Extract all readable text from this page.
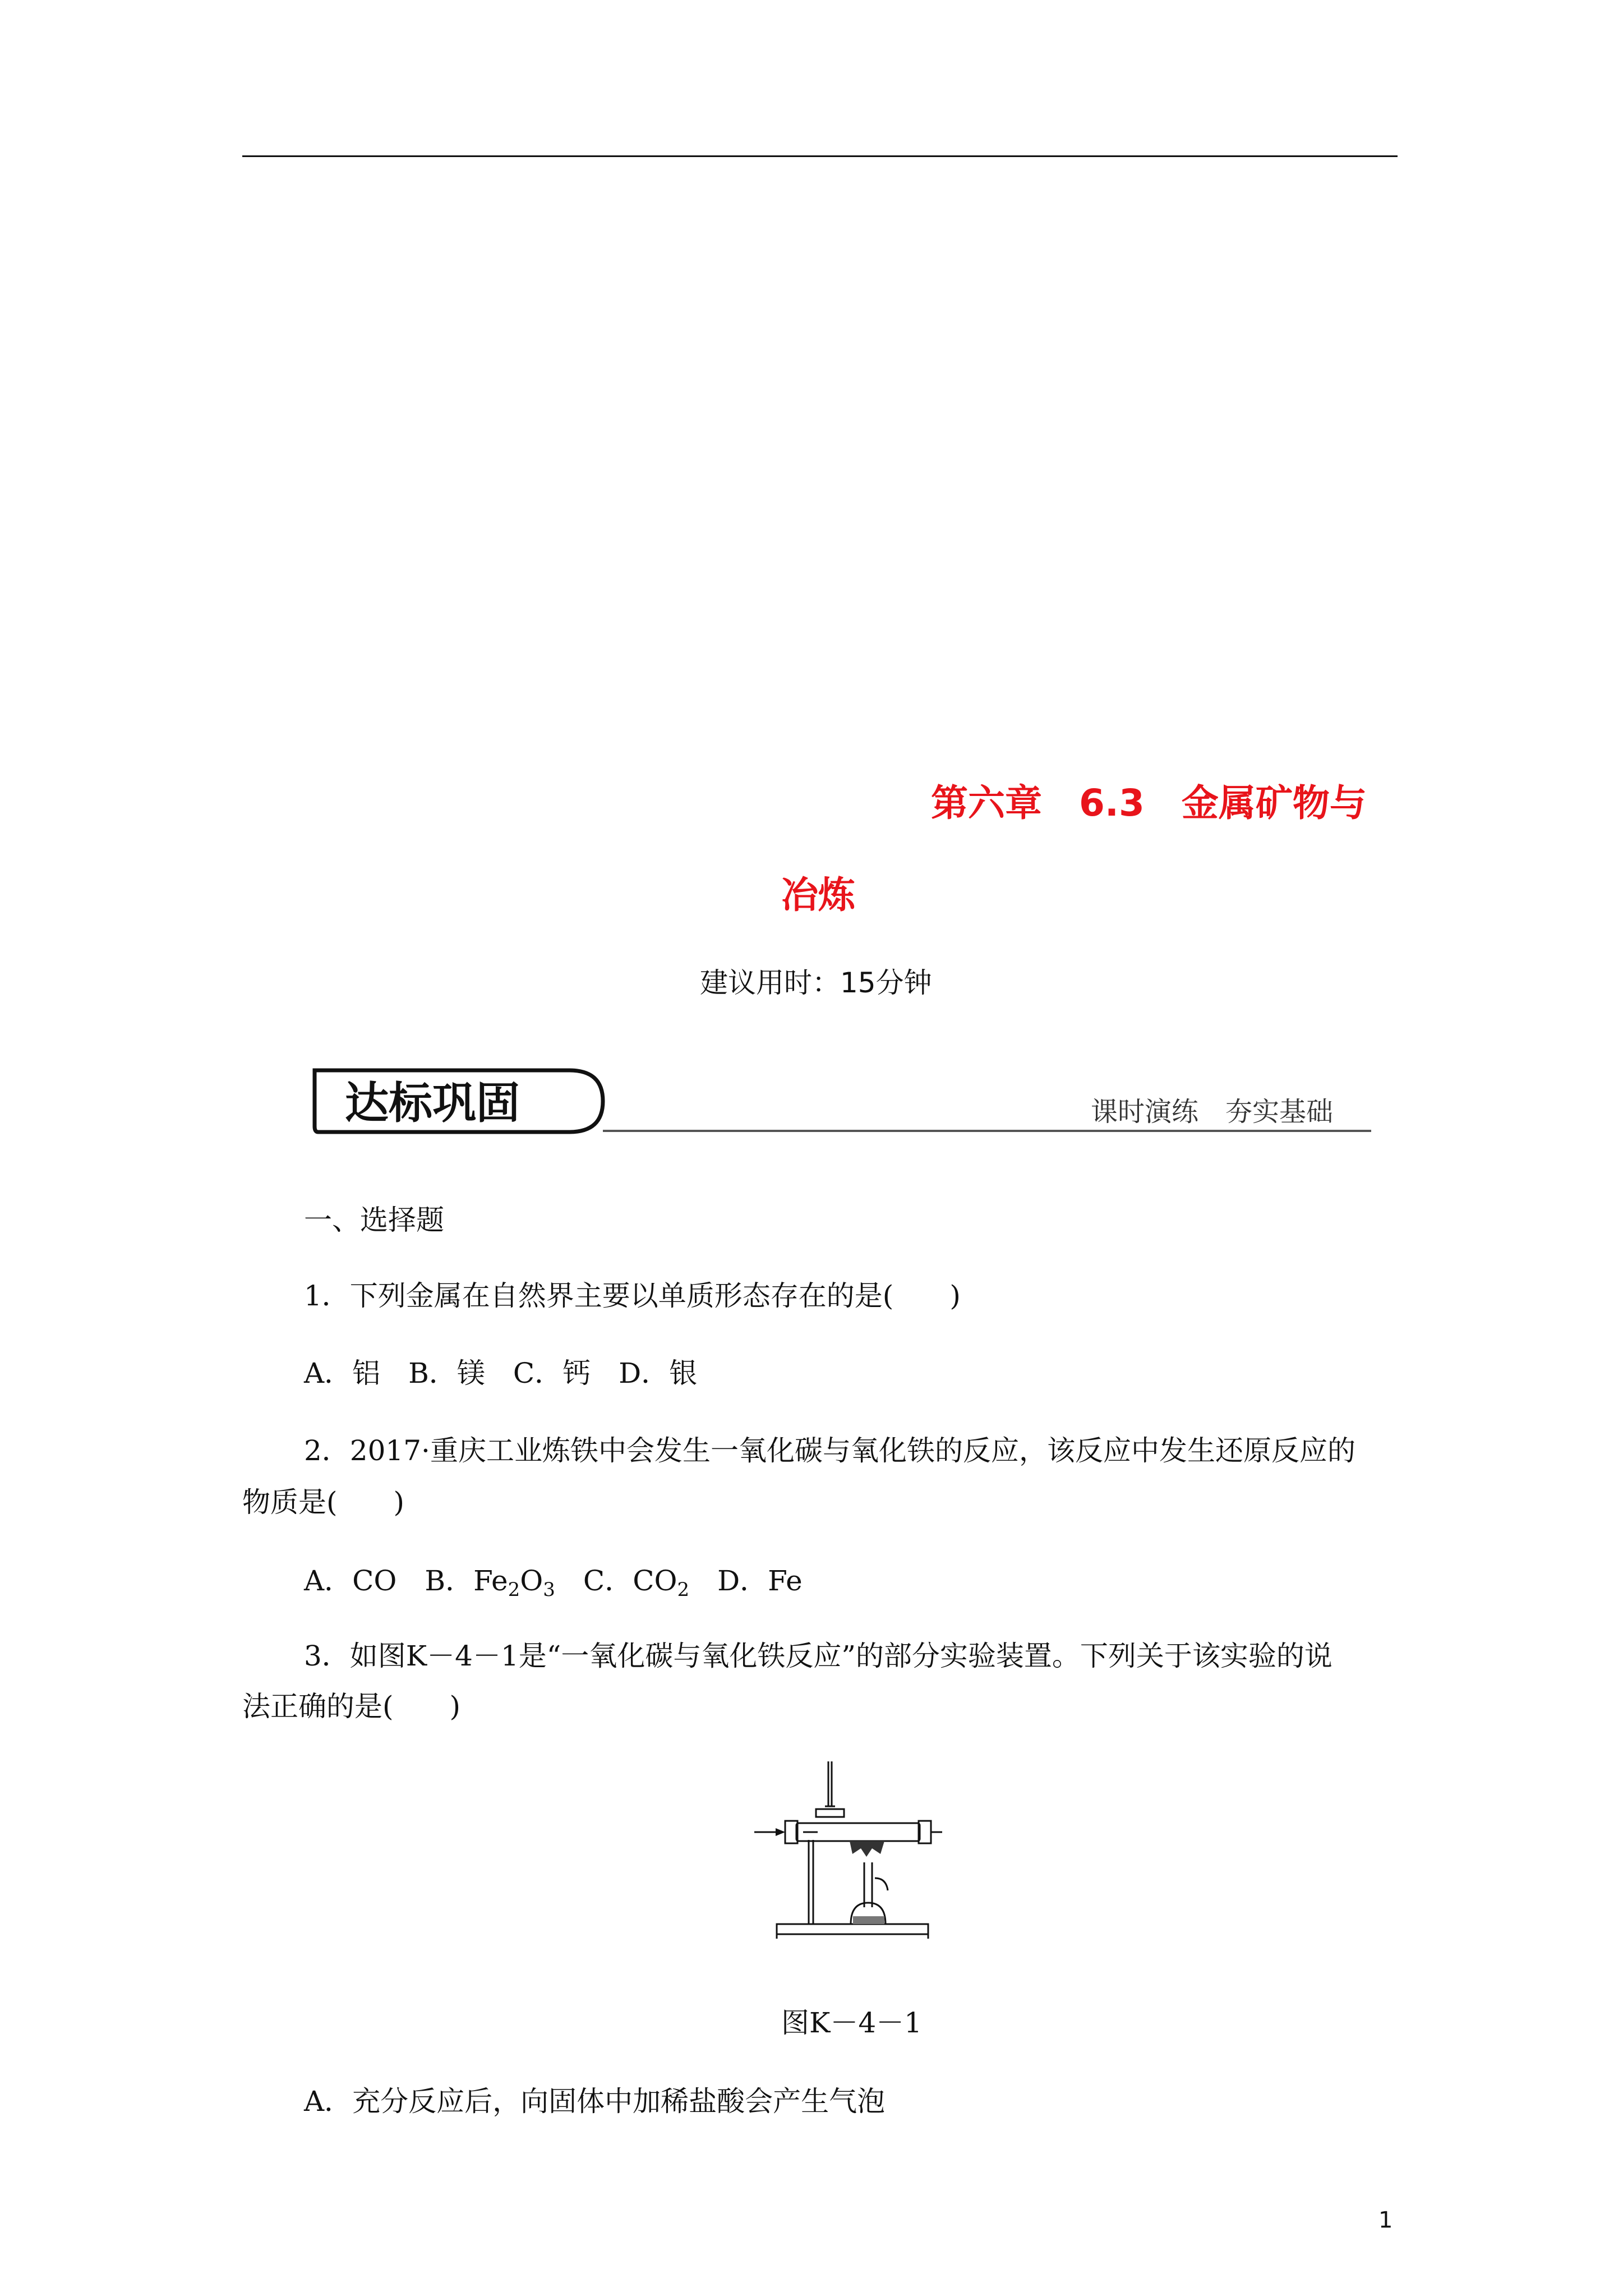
第六章　6.3　金属矿物与
冶炼
建议用时：15分钟
达标巩固	课时演练　夯实基础
一、选择题
1．下列金属在自然界主要以单质形态存在的是( )
A．铝　B．镁　C．钙　D．银
2．2017·重庆工业炼铁中会发生一氧化碳与氧化铁的反应，该反应中发生还原反应的
物质是( )
A．CO　B．$Fe_2O_3$　C．$CO_2$　D．Fe
3．如图K－4－1是“一氧化碳与氧化铁反应”的部分实验装置。下列关于该实验的说
法正确的是( )
图K－4－1
A．充分反应后，向固体中加稀盐酸会产生气泡
1
